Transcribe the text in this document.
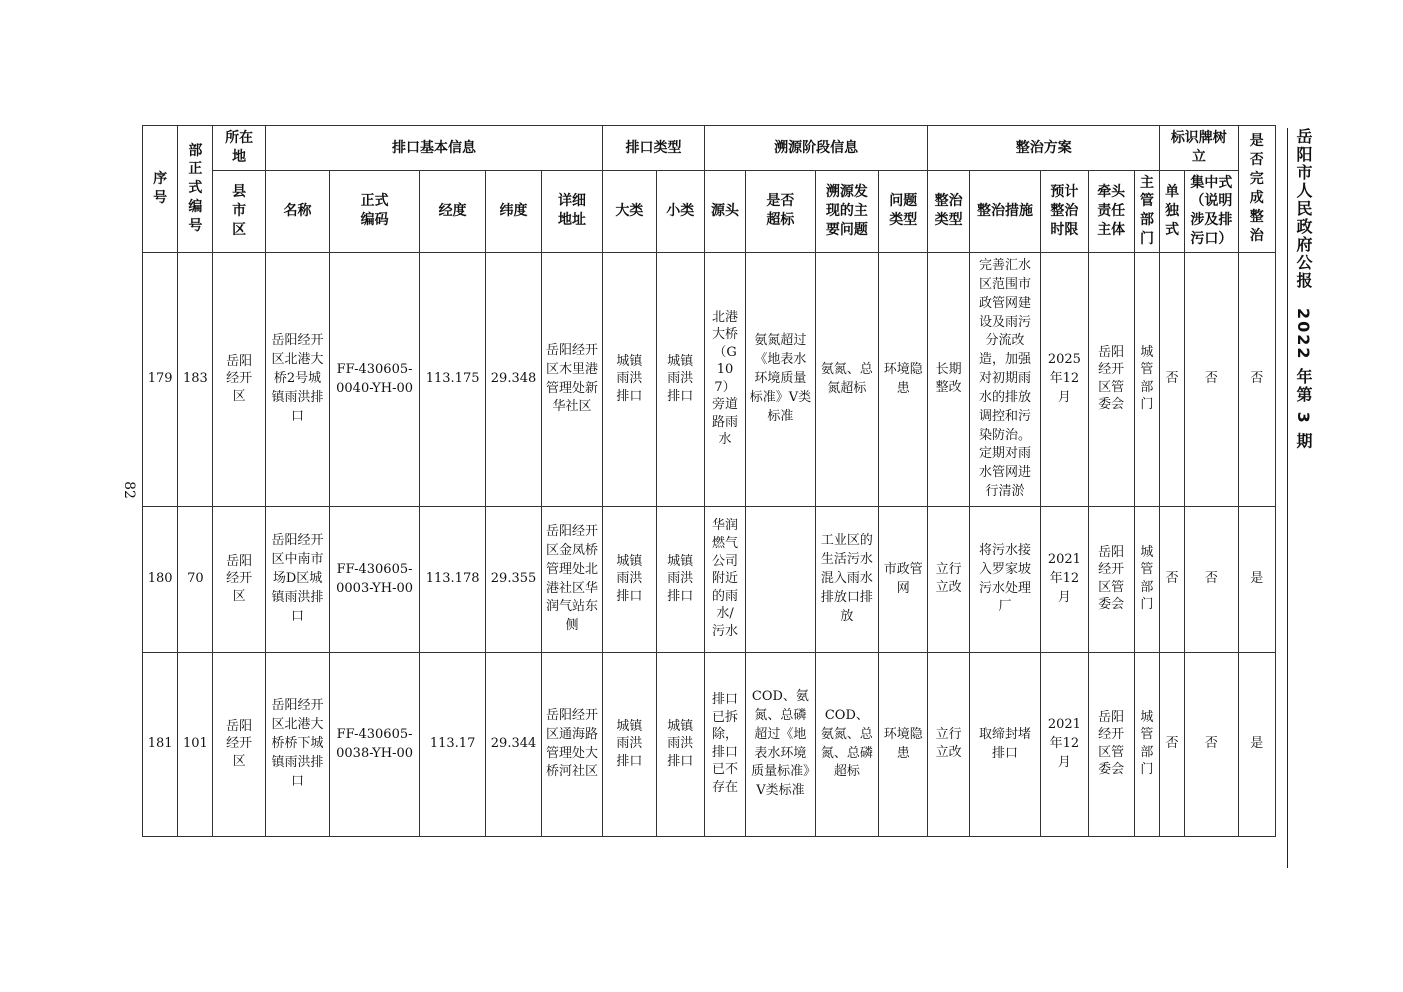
82
岳阳市人民政府公报　2022 年第 3 期
序号	部正式编号	所在地	排口基本信息					排口类型		溯源阶段信息				整治方案					标识牌树立		是否完成整治
		县市区	名称	正式编码	经度	纬度	详细地址	大类	小类	源头	是否超标	溯源发现的主要问题	问题类型	整治类型	整治措施	预计整治时限	牵头责任主体	主管部门	单独式	集中式（说明涉及排污口）	
179	183	岳阳经开区	岳阳经开区北港大桥2号城镇雨洪排口	FF-430605-0040-YH-00	113.175	29.348	岳阳经开区木里港管理处新华社区	城镇雨洪排口	城镇雨洪排口	北港大桥（G107）旁道路雨水	氨氮超过《地表水环境质量标准》V类标准	氨氮、总氮超标	环境隐患	长期整改	完善汇水区范围市政管网建设及雨污分流改造，加强对初期雨水的排放调控和污染防治。定期对雨水管网进行清淤	2025年12月	岳阳经开区管委会	城管部门	否	否	否
180	70	岳阳经开区	岳阳经开区中南市场D区城镇雨洪排口	FF-430605-0003-YH-00	113.178	29.355	岳阳经开区金凤桥管理处北港社区华润气站东侧	城镇雨洪排口	城镇雨洪排口	华润燃气公司附近的雨水/污水		工业区的生活污水混入雨水排放口排放	市政管网	立行立改	将污水接入罗家坡污水处理厂	2021年12月	岳阳经开区管委会	城管部门	否	否	是
181	101	岳阳经开区	岳阳经开区北港大桥桥下城镇雨洪排口	FF-430605-0038-YH-00	113.17	29.344	岳阳经开区通海路管理处大桥河社区	城镇雨洪排口	城镇雨洪排口	排口已拆除，排口已不存在	COD、氨氮、总磷超过《地表水环境质量标准》V类标准	COD、氨氮、总氮、总磷超标	环境隐患	立行立改	取缔封堵排口	2021年12月	岳阳经开区管委会	城管部门	否	否	是
